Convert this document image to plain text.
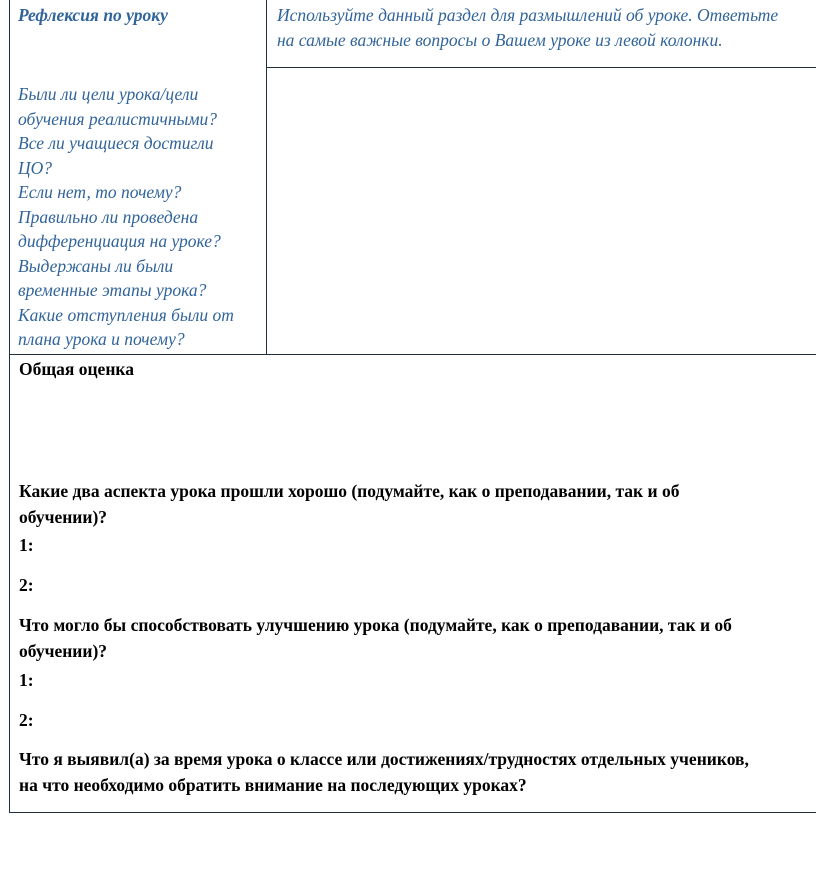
Рефлексия по уроку
Были ли цели урока/цели
обучения реалистичными?
Все ли учащиеся достигли
ЦО?
Если нет, то почему?
Правильно ли проведена
дифференциация на уроке?
Выдержаны ли были
временные этапы урока?
Какие отступления были от
плана урока и почему?
Используйте данный раздел для размышлений об уроке. Ответьте
на самые важные вопросы о Вашем уроке из левой колонки.
Общая оценка
Какие два аспекта урока прошли хорошо (подумайте, как о преподавании, так и об
обучении)?
1:
2:
Что могло бы способствовать улучшению урока (подумайте, как о преподавании, так и об
обучении)?
1:
2:
Что я выявил(а) за время урока о классе или достижениях/трудностях отдельных учеников,
на что необходимо обратить внимание на последующих уроках?
